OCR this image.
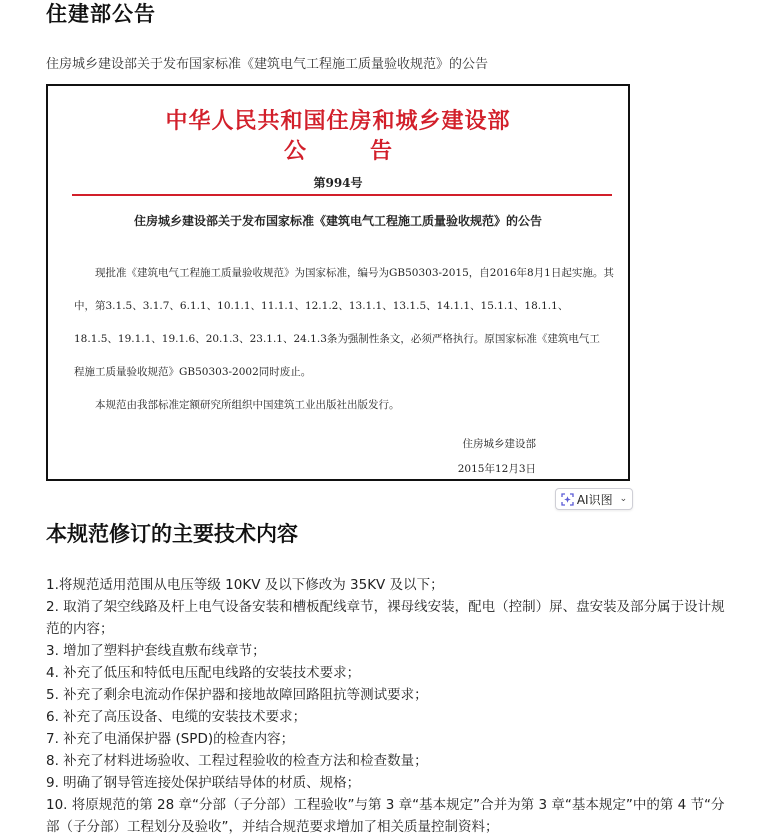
住建部公告
住房城乡建设部关于发布国家标准《建筑电气工程施工质量验收规范》的公告
中华人民共和国住房和城乡建设部
公告
第994号
住房城乡建设部关于发布国家标准《建筑电气工程施工质量验收规范》的公告

现批准《建筑电气工程施工质量验收规范》为国家标准，编号为GB50303-2015，自2016年8月1日起实施。其

中，第3.1.5、3.1.7、6.1.1、10.1.1、11.1.1、12.1.2、13.1.1、13.1.5、14.1.1、15.1.1、18.1.1、

18.1.5、19.1.1、19.1.6、20.1.3、23.1.1、24.1.3条为强制性条文，必须严格执行。原国家标准《建筑电气工

程施工质量验收规范》GB50303-2002同时废止。

本规范由我部标准定额研究所组织中国建筑工业出版社出版发行。

住房城乡建设部
2015年12月3日
AI识图 ⌄
本规范修订的主要技术内容

1.将规范适用范围从电压等级 10KV 及以下修改为 35KV 及以下；

2. 取消了架空线路及杆上电气设备安装和槽板配线章节，裸母线安装，配电（控制）屏、盘安装及部分属于设计规范的内容；

3. 增加了塑料护套线直敷布线章节；

4. 补充了低压和特低电压配电线路的安装技术要求；

5. 补充了剩余电流动作保护器和接地故障回路阻抗等测试要求；

6. 补充了高压设备、电缆的安装技术要求；

7. 补充了电涌保护器 (SPD)的检查内容；

8. 补充了材料进场验收、工程过程验收的检查方法和检查数量；

9. 明确了钢导管连接处保护联结导体的材质、规格；

10. 将原规范的第 28 章“分部（子分部）工程验收”与第 3 章“基本规定”合并为第 3 章“基本规定”中的第 4 节“分部（子分部）工程划分及验收”，并结合规范要求增加了相关质量控制资料；
